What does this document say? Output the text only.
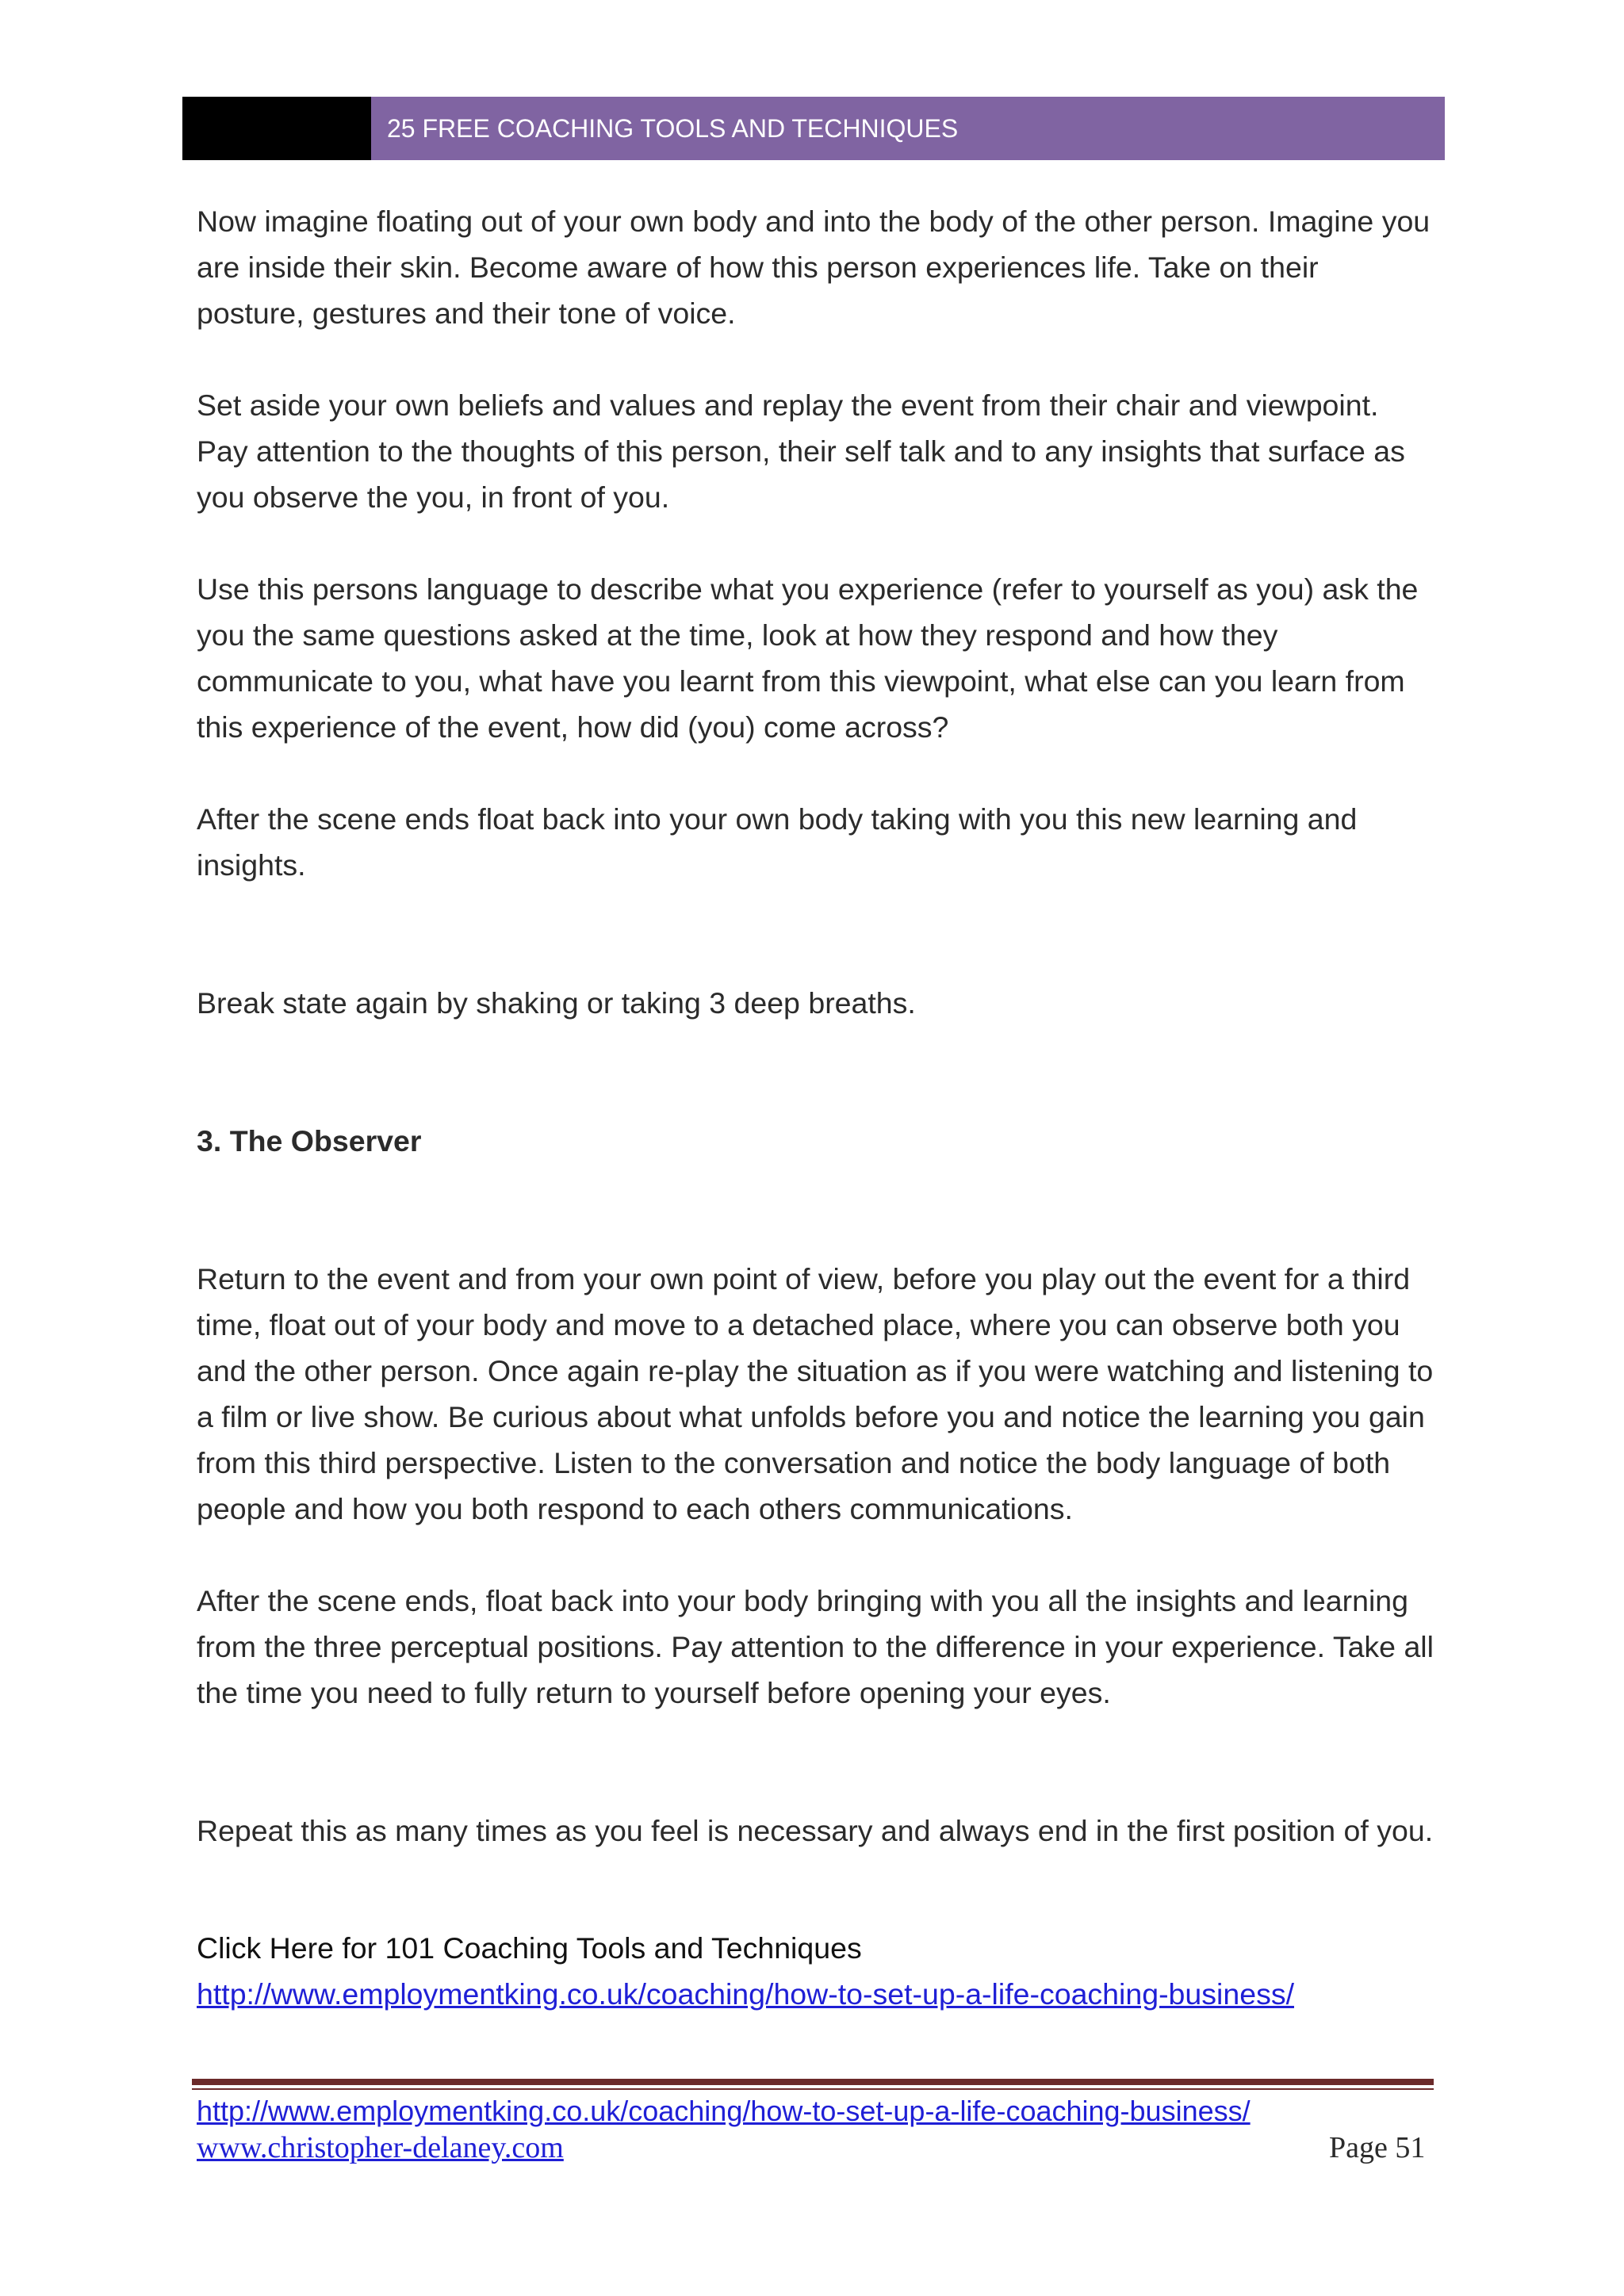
25 FREE COACHING TOOLS AND TECHNIQUES

Now imagine floating out of your own body and into the body of the other person. Imagine you are inside their skin. Become aware of how this person experiences life. Take on their posture, gestures and their tone of voice.

Set aside your own beliefs and values and replay the event from their chair and viewpoint. Pay attention to the thoughts of this person, their self talk and to any insights that surface as you observe the you, in front of you.

Use this persons language to describe what you experience (refer to yourself as you) ask the you the same questions asked at the time, look at how they respond and how they communicate to you, what have you learnt from this viewpoint, what else can you learn from this experience of the event, how did (you) come across?

After the scene ends float back into your own body taking with you this new learning and insights.

Break state again by shaking or taking 3 deep breaths.

3. The Observer

Return to the event and from your own point of view, before you play out the event for a third time, float out of your body and move to a detached place, where you can observe both you and the other person. Once again re-play the situation as if you were watching and listening to a film or live show. Be curious about what unfolds before you and notice the learning you gain from this third perspective. Listen to the conversation and notice the body language of both people and how you both respond to each others communications.

After the scene ends, float back into your body bringing with you all the insights and learning from the three perceptual positions. Pay attention to the difference in your experience. Take all the time you need to fully return to yourself before opening your eyes.

Repeat this as many times as you feel is necessary and always end in the first position of you.

Click Here for 101 Coaching Tools and Techniques

http://www.employmentking.co.uk/coaching/how-to-set-up-a-life-coaching-business/
http://www.employmentking.co.uk/coaching/how-to-set-up-a-life-coaching-business/
www.christopher-delaney.com	Page 51
